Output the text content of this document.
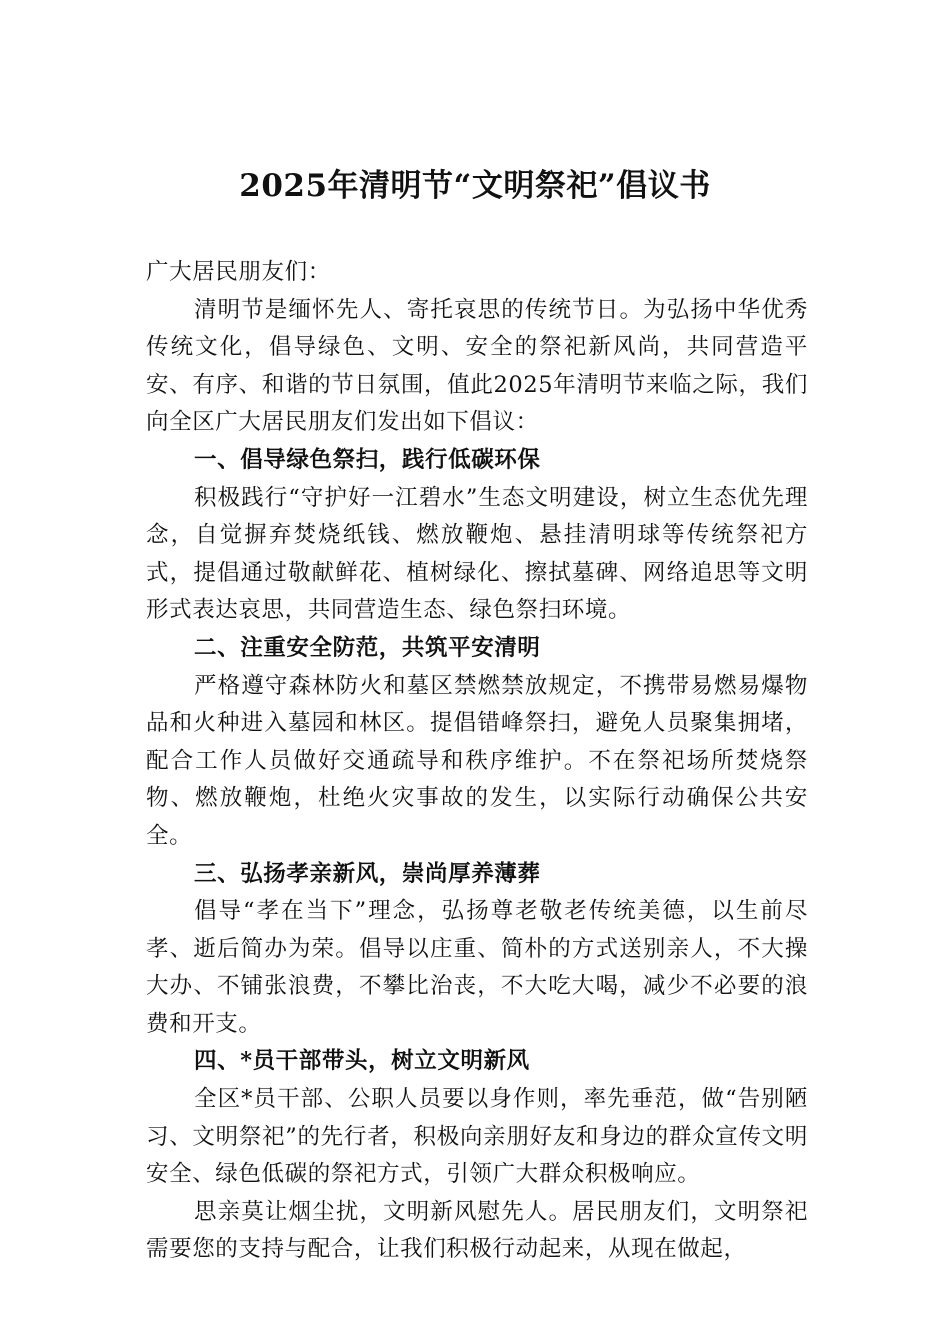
2025年清明节“文明祭祀”倡议书

广大居民朋友们：

清明节是缅怀先人、寄托哀思的传统节日。为弘扬中华优秀传统文化，倡导绿色、文明、安全的祭祀新风尚，共同营造平安、有序、和谐的节日氛围，值此2025年清明节来临之际，我们向全区广大居民朋友们发出如下倡议：

一、倡导绿色祭扫，践行低碳环保

积极践行“守护好一江碧水”生态文明建设，树立生态优先理念，自觉摒弃焚烧纸钱、燃放鞭炮、悬挂清明球等传统祭祀方式，提倡通过敬献鲜花、植树绿化、擦拭墓碑、网络追思等文明形式表达哀思，共同营造生态、绿色祭扫环境。

二、注重安全防范，共筑平安清明

严格遵守森林防火和墓区禁燃禁放规定，不携带易燃易爆物品和火种进入墓园和林区。提倡错峰祭扫，避免人员聚集拥堵，配合工作人员做好交通疏导和秩序维护。不在祭祀场所焚烧祭物、燃放鞭炮，杜绝火灾事故的发生，以实际行动确保公共安全。

三、弘扬孝亲新风，崇尚厚养薄葬

倡导“孝在当下”理念，弘扬尊老敬老传统美德，以生前尽孝、逝后简办为荣。倡导以庄重、简朴的方式送别亲人，不大操大办、不铺张浪费，不攀比治丧，不大吃大喝，减少不必要的浪费和开支。

四、*员干部带头，树立文明新风

全区*员干部、公职人员要以身作则，率先垂范，做“告别陋习、文明祭祀”的先行者，积极向亲朋好友和身边的群众宣传文明安全、绿色低碳的祭祀方式，引领广大群众积极响应。

思亲莫让烟尘扰，文明新风慰先人。居民朋友们，文明祭祀需要您的支持与配合，让我们积极行动起来，从现在做起，
